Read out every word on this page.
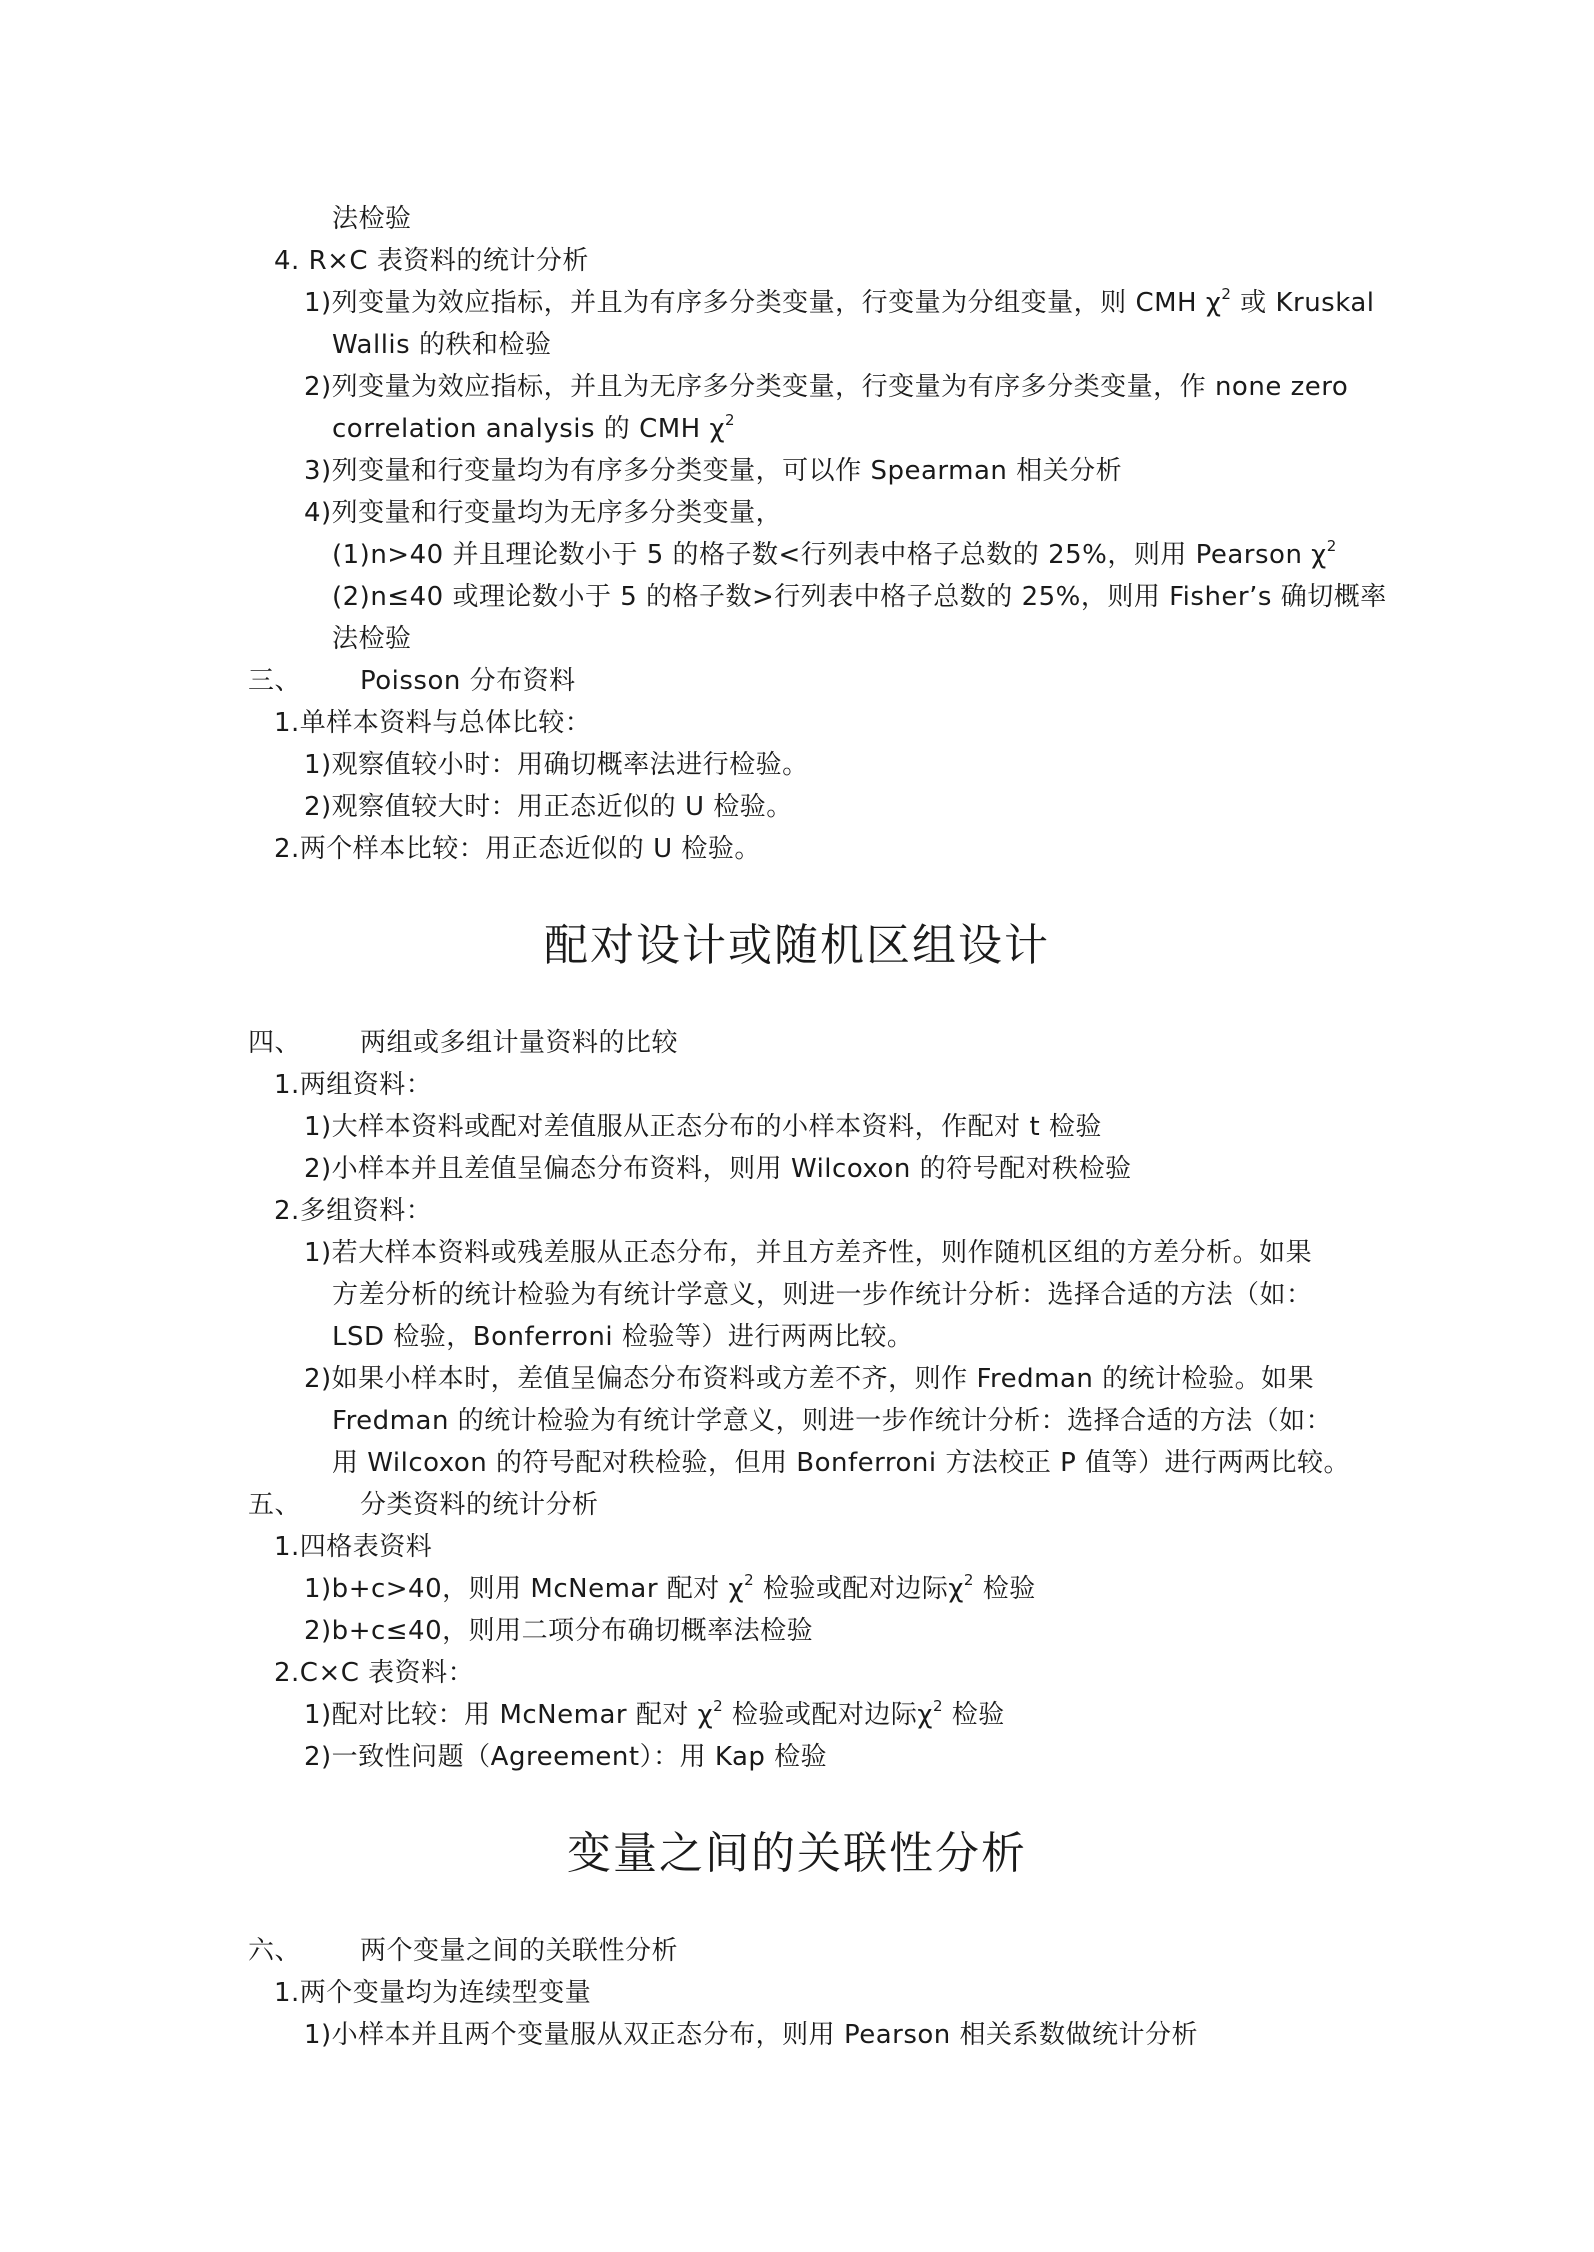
法检验
4. R×C 表资料的统计分析
1)列变量为效应指标，并且为有序多分类变量，行变量为分组变量，则 CMH $\chi^2$ 或 Kruskal
Wallis 的秩和检验
2)列变量为效应指标，并且为无序多分类变量，行变量为有序多分类变量，作 none zero
correlation analysis 的 CMH $\chi^2$
3)列变量和行变量均为有序多分类变量，可以作 Spearman 相关分析
4)列变量和行变量均为无序多分类变量，
(1)n>40 并且理论数小于 5 的格子数<行列表中格子总数的 25%，则用 Pearson $\chi^2$
(2)n≤40 或理论数小于 5 的格子数>行列表中格子总数的 25%，则用 Fisher’s 确切概率
法检验
三、 Poisson 分布资料
1.单样本资料与总体比较：
1)观察值较小时：用确切概率法进行检验。
2)观察值较大时：用正态近似的 U 检验。
2.两个样本比较：用正态近似的 U 检验。
配对设计或随机区组设计
四、 两组或多组计量资料的比较
1.两组资料：
1)大样本资料或配对差值服从正态分布的小样本资料，作配对 t 检验
2)小样本并且差值呈偏态分布资料，则用 Wilcoxon 的符号配对秩检验
2.多组资料：
1)若大样本资料或残差服从正态分布，并且方差齐性，则作随机区组的方差分析。如果
方差分析的统计检验为有统计学意义，则进一步作统计分析：选择合适的方法（如：
LSD 检验，Bonferroni 检验等）进行两两比较。
2)如果小样本时，差值呈偏态分布资料或方差不齐，则作 Fredman 的统计检验。如果
Fredman 的统计检验为有统计学意义，则进一步作统计分析：选择合适的方法（如：
用 Wilcoxon 的符号配对秩检验，但用 Bonferroni 方法校正 P 值等）进行两两比较。
五、 分类资料的统计分析
1.四格表资料
1)b+c>40，则用 McNemar 配对 $\chi^2$ 检验或配对边际$\chi^2$ 检验
2)b+c≤40，则用二项分布确切概率法检验
2.C×C 表资料：
1)配对比较：用 McNemar 配对 $\chi^2$ 检验或配对边际$\chi^2$ 检验
2)一致性问题（Agreement）：用 Kap 检验
变量之间的关联性分析
六、 两个变量之间的关联性分析
1.两个变量均为连续型变量
1)小样本并且两个变量服从双正态分布，则用 Pearson 相关系数做统计分析
